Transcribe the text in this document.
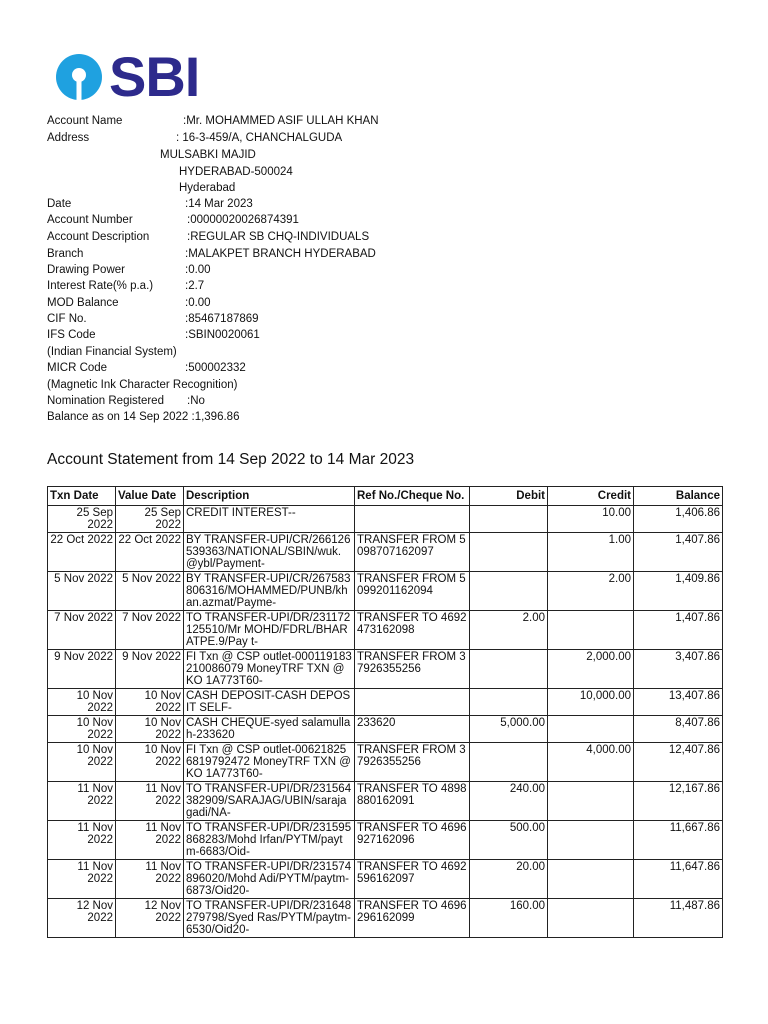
SBI
Account Name	:Mr. MOHAMMED ASIF ULLAH KHAN
Address	: 16-3-459/A, CHANCHALGUDA
MULSABKI MAJID
HYDERABAD-500024
Hyderabad
Date	:14 Mar 2023
Account Number	:00000020026874391
Account Description	:REGULAR SB CHQ-INDIVIDUALS
Branch	:MALAKPET BRANCH HYDERABAD
Drawing Power	:0.00
Interest Rate(% p.a.)	:2.7
MOD Balance	:0.00
CIF No.	:85467187869
IFS Code	:SBIN0020061
(Indian Financial System)
MICR Code	:500002332
(Magnetic Ink Character Recognition)
Nomination Registered :No
Balance as on 14 Sep 2022 :1,396.86
Account Statement from 14 Sep 2022 to 14 Mar 2023
Txn Date	Value Date	Description	Ref No./Cheque No.	Debit	Credit	Balance

25 Sep 2022	25 Sep 2022	CREDIT INTEREST--			10.00	1,406.86

22 Oct 2022	22 Oct 2022	BY TRANSFER-UPI/CR/266126539363/NATIONAL/SBIN/wuk.@ybl/Payment-	TRANSFER FROM 5098707162097		1.00	1,407.86

5 Nov 2022	5 Nov 2022	BY TRANSFER-UPI/CR/267583806316/MOHAMMED/PUNB/khan.azmat/Payme-	TRANSFER FROM 5099201162094		2.00	1,409.86

7 Nov 2022	7 Nov 2022	TO TRANSFER-UPI/DR/231172125510/Mr MOHD/FDRL/BHARATPE.9/Pay t-	TRANSFER TO 4692473162098	2.00		1,407.86

9 Nov 2022	9 Nov 2022	FI Txn @ CSP outlet-000119183210086079 MoneyTRF TXN @KO 1A773T60-	TRANSFER FROM 37926355256		2,000.00	3,407.86

10 Nov 2022	10 Nov 2022	CASH DEPOSIT-CASH DEPOSIT SELF-			10,000.00	13,407.86

10 Nov 2022	10 Nov 2022	CASH CHEQUE-syed salamullah-233620	233620	5,000.00		8,407.86

10 Nov 2022	10 Nov 2022	FI Txn @ CSP outlet-006218256819792472 MoneyTRF TXN @KO 1A773T60-	TRANSFER FROM 37926355256		4,000.00	12,407.86

11 Nov 2022	11 Nov 2022	TO TRANSFER-UPI/DR/231564382909/SARAJAG/UBIN/sarajagadi/NA-	TRANSFER TO 4898880162091	240.00		12,167.86

11 Nov 2022	11 Nov 2022	TO TRANSFER-UPI/DR/231595868283/Mohd Irfan/PYTM/paytm-6683/Oid-	TRANSFER TO 4696927162096	500.00		11,667.86

11 Nov 2022	11 Nov 2022	TO TRANSFER-UPI/DR/231574896020/Mohd Adi/PYTM/paytm-6873/Oid20-	TRANSFER TO 4692596162097	20.00		11,647.86

12 Nov 2022	12 Nov 2022	TO TRANSFER-UPI/DR/231648279798/Syed Ras/PYTM/paytm-6530/Oid20-	TRANSFER TO 4696296162099	160.00		11,487.86
